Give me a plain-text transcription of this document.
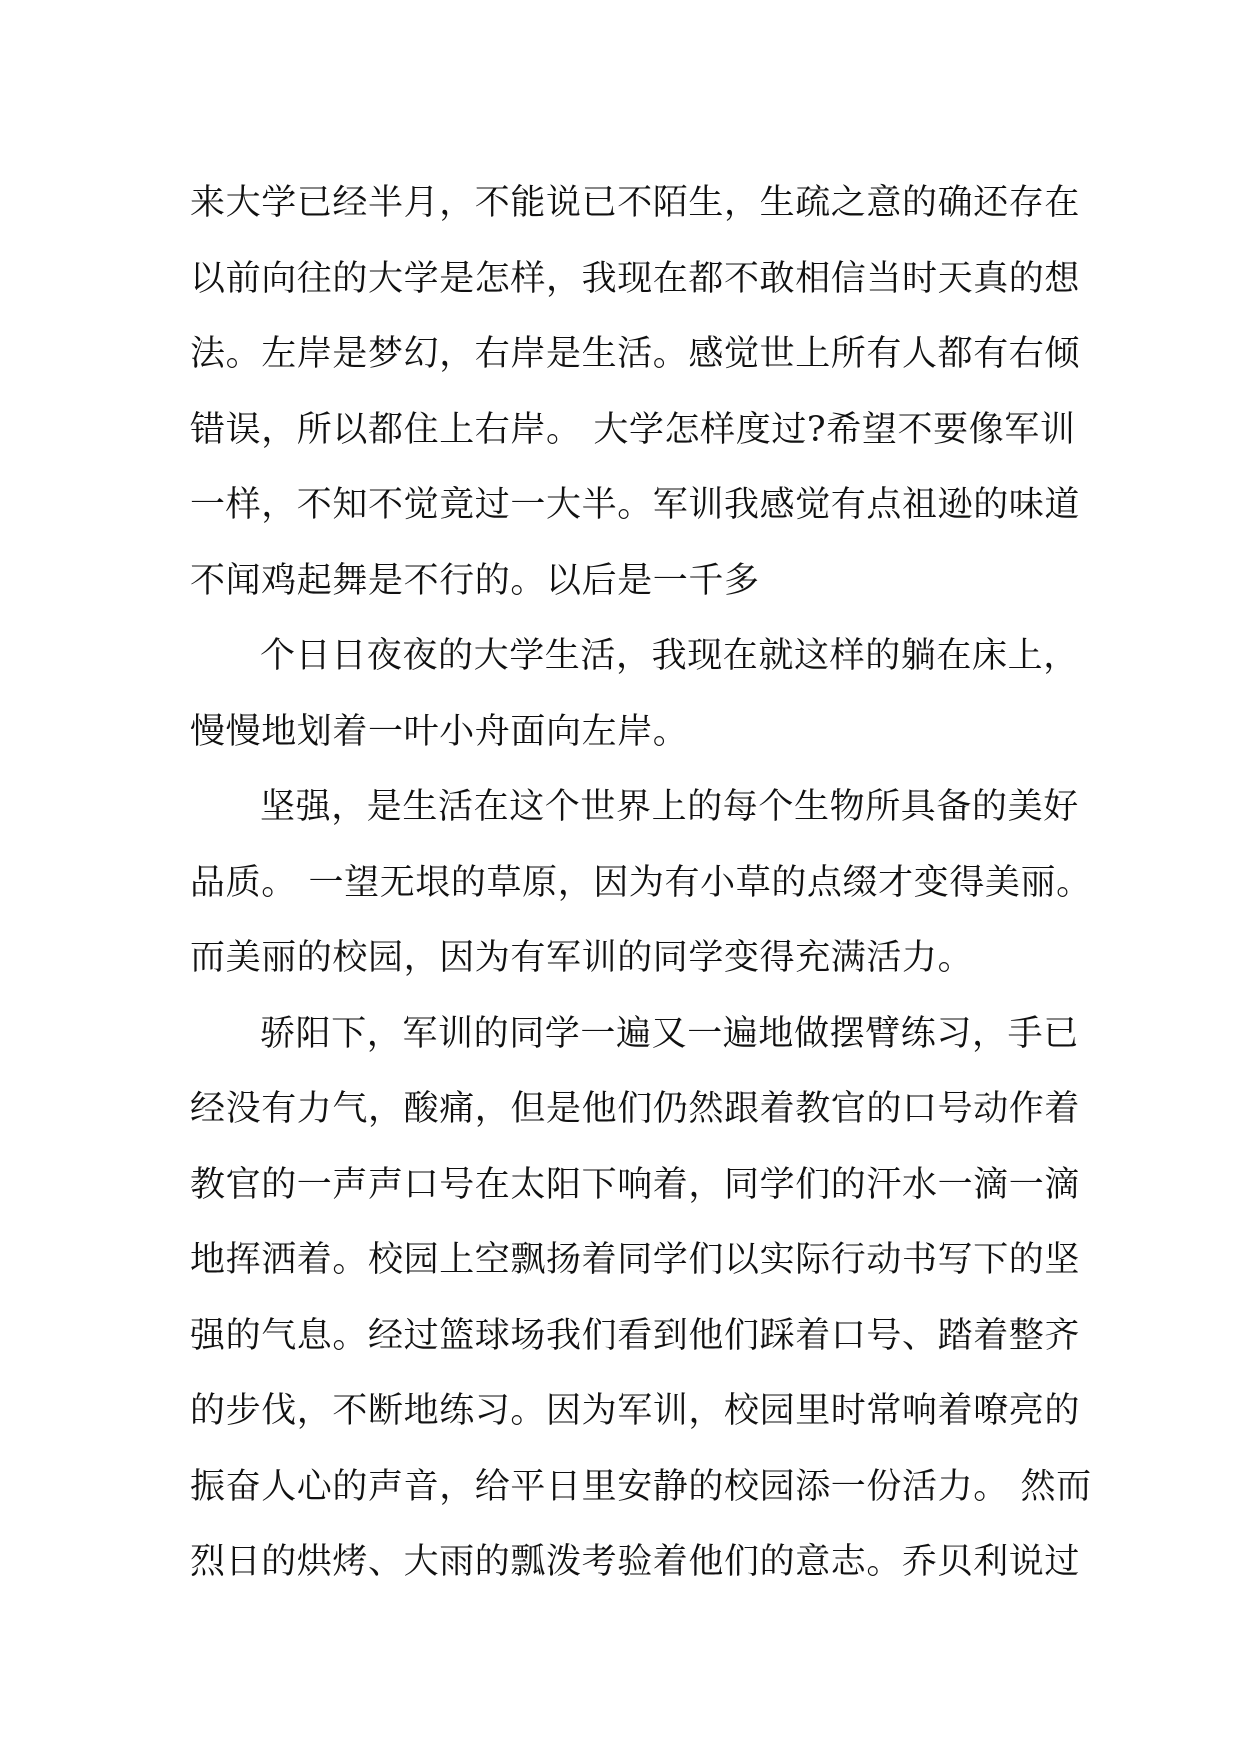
来大学已经半月，不能说已不陌生，生疏之意的确还存在
以前向往的大学是怎样，我现在都不敢相信当时天真的想
法。左岸是梦幻，右岸是生活。感觉世上所有人都有右倾
错误，所以都住上右岸。 大学怎样度过?希望不要像军训
一样，不知不觉竟过一大半。军训我感觉有点祖逊的味道
不闻鸡起舞是不行的。以后是一千多
个日日夜夜的大学生活，我现在就这样的躺在床上，
慢慢地划着一叶小舟面向左岸。
坚强，是生活在这个世界上的每个生物所具备的美好
品质。 一望无垠的草原，因为有小草的点缀才变得美丽。
而美丽的校园，因为有军训的同学变得充满活力。
骄阳下，军训的同学一遍又一遍地做摆臂练习，手已
经没有力气，酸痛，但是他们仍然跟着教官的口号动作着
教官的一声声口号在太阳下响着，同学们的汗水一滴一滴
地挥洒着。校园上空飘扬着同学们以实际行动书写下的坚
强的气息。经过篮球场我们看到他们踩着口号、踏着整齐
的步伐，不断地练习。因为军训，校园里时常响着嘹亮的
振奋人心的声音，给平日里安静的校园添一份活力。 然而
烈日的烘烤、大雨的瓢泼考验着他们的意志。乔贝利说过
